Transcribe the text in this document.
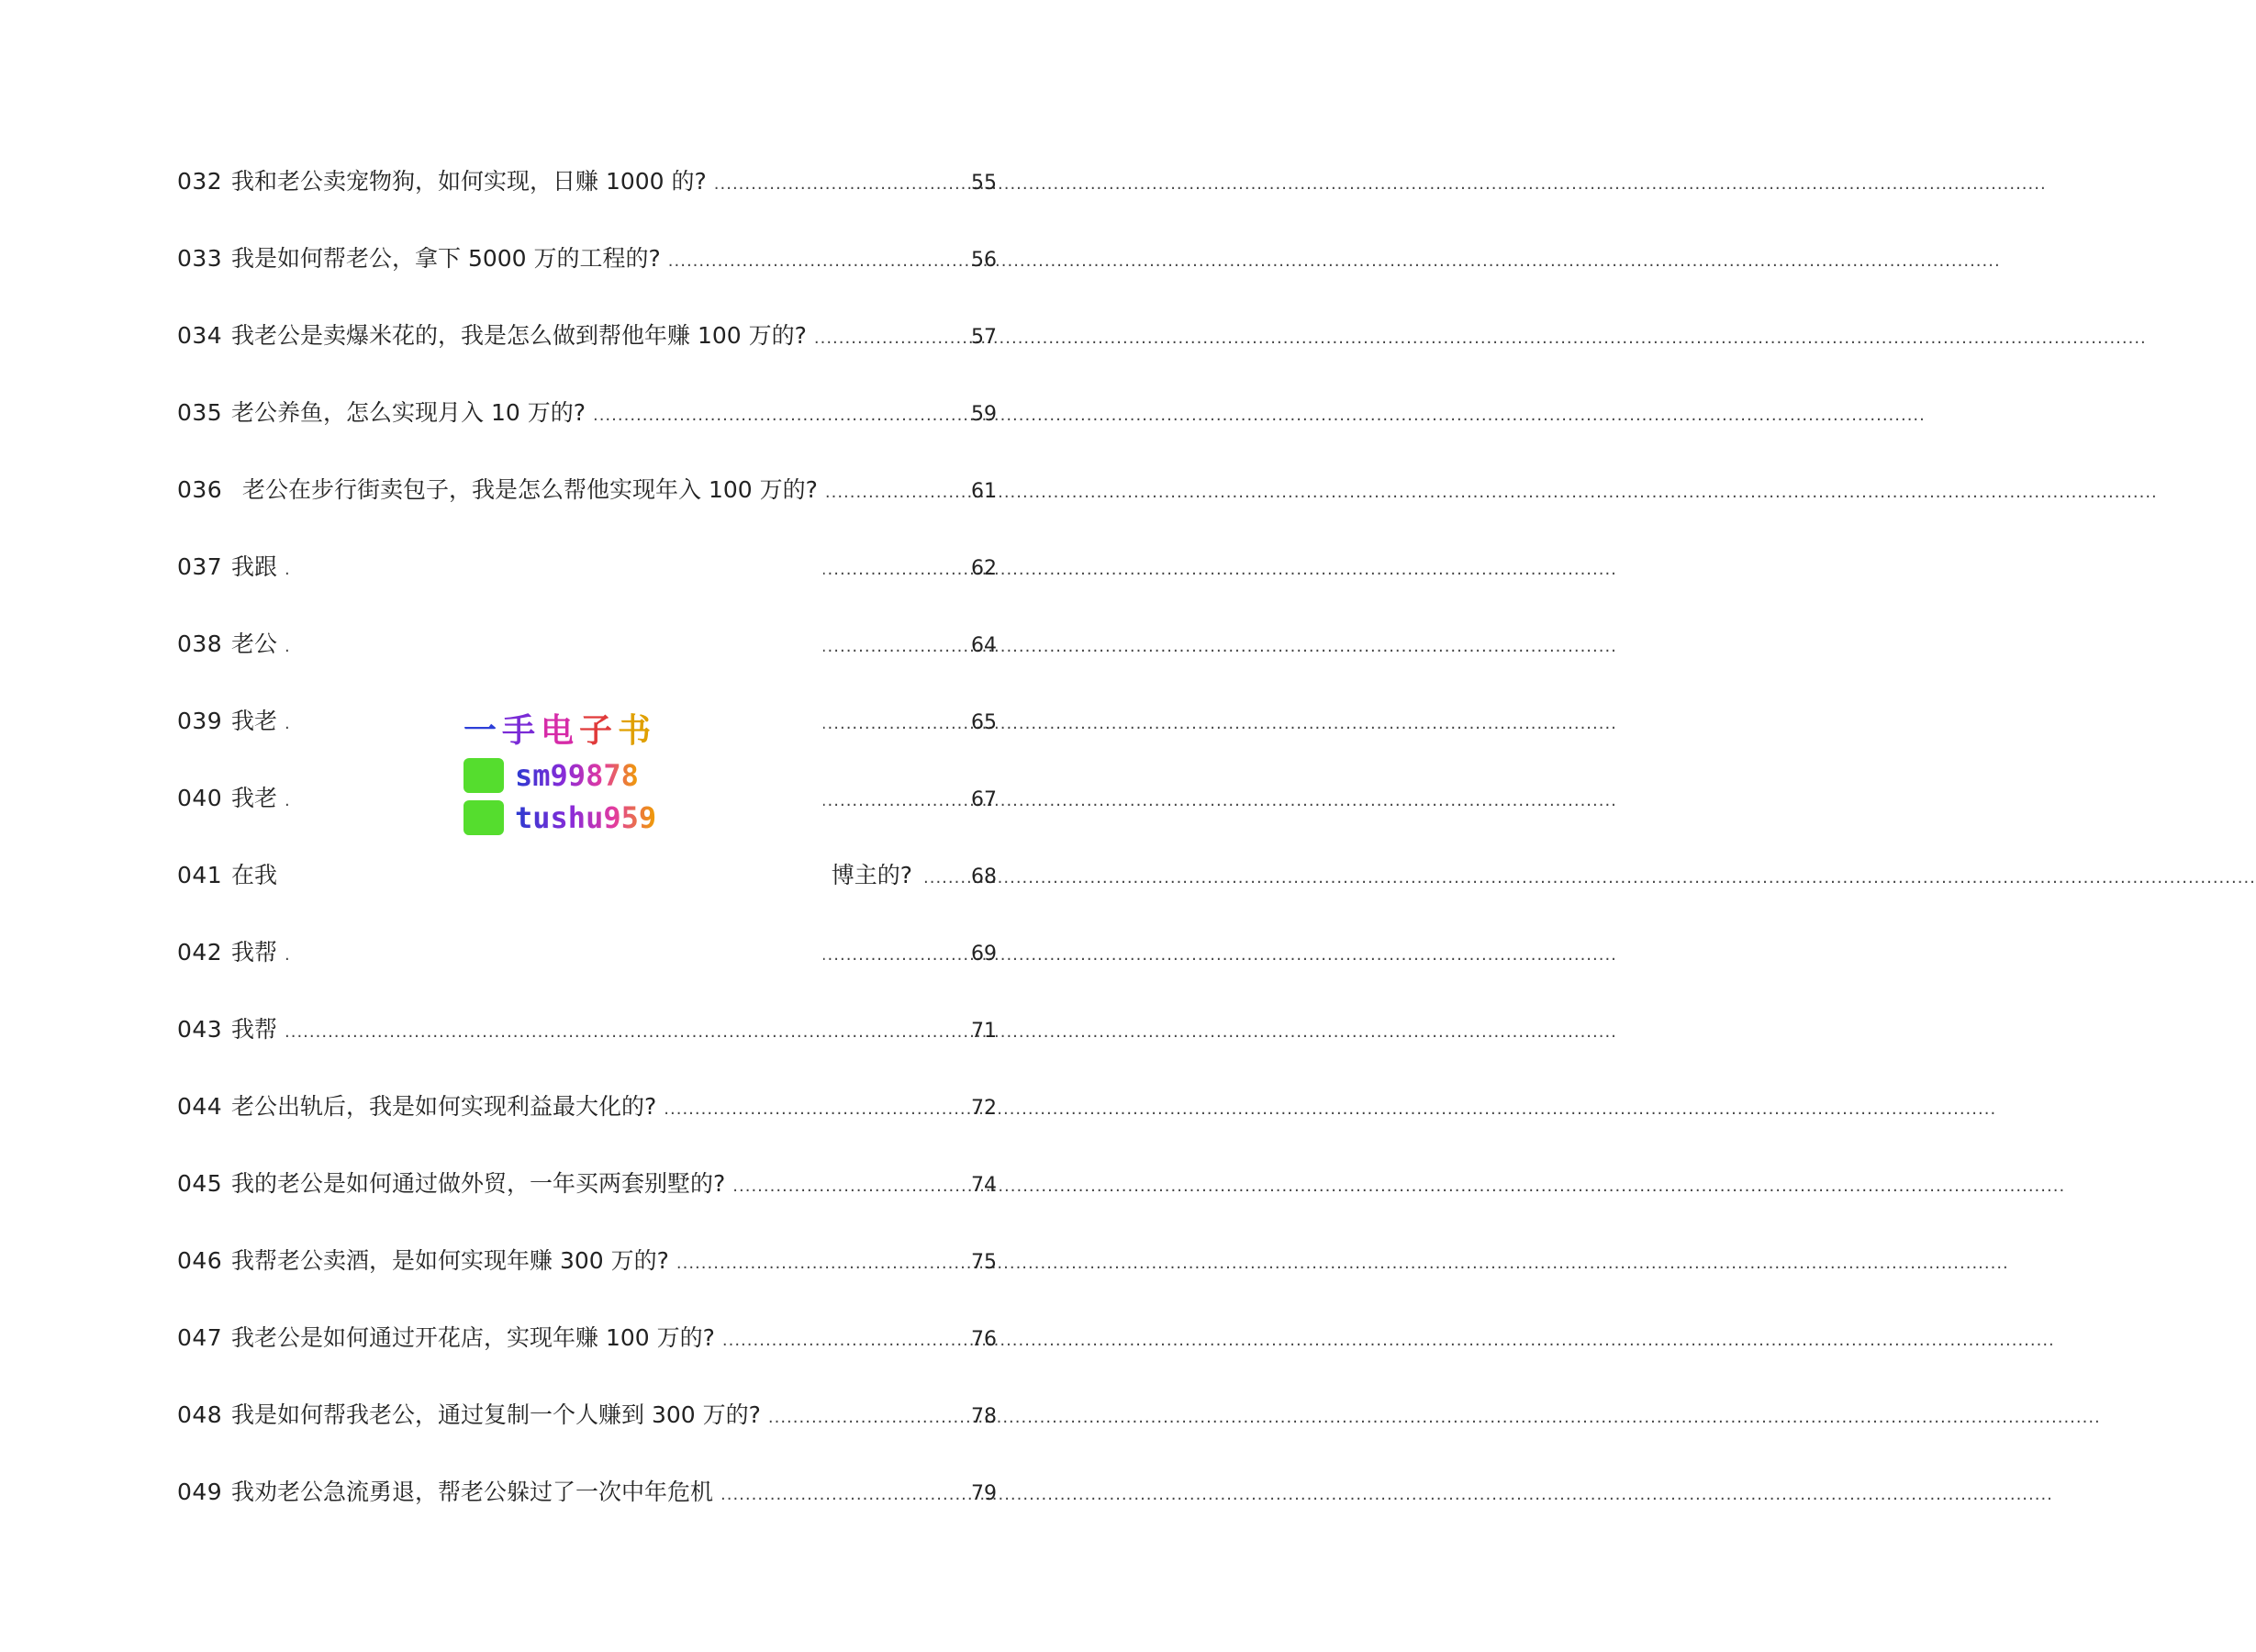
032 我和老公卖宠物狗，如何实现，日赚 1000 的? .....	55
033 我是如何帮老公，拿下 5000 万的工程的? .....	56
034 我老公是卖爆米花的，我是怎么做到帮他年赚 100 万的? .....	57
035 老公养鱼，怎么实现月入 10 万的? .....	59
036 老公在步行街卖包子，我是怎么帮他实现年入 100 万的? .....	61
037 我跟 .....	62
038 老公 .....	64
039 我老 .....	65
040 我老 .....	67
041 在我	博主的? .....	68
042 我帮 .....	69
043 我帮 .....	71
044 老公出轨后，我是如何实现利益最大化的? .....	72
045 我的老公是如何通过做外贸，一年买两套别墅的? .....	74
046 我帮老公卖酒，是如何实现年赚 300 万的? .....	75
047 我老公是如何通过开花店，实现年赚 100 万的? .....	76
048 我是如何帮我老公，通过复制一个人赚到 300 万的? .....	78
049 我劝老公急流勇退，帮老公躲过了一次中年危机 .....	79
一手电子书
sm99878
tushu959
